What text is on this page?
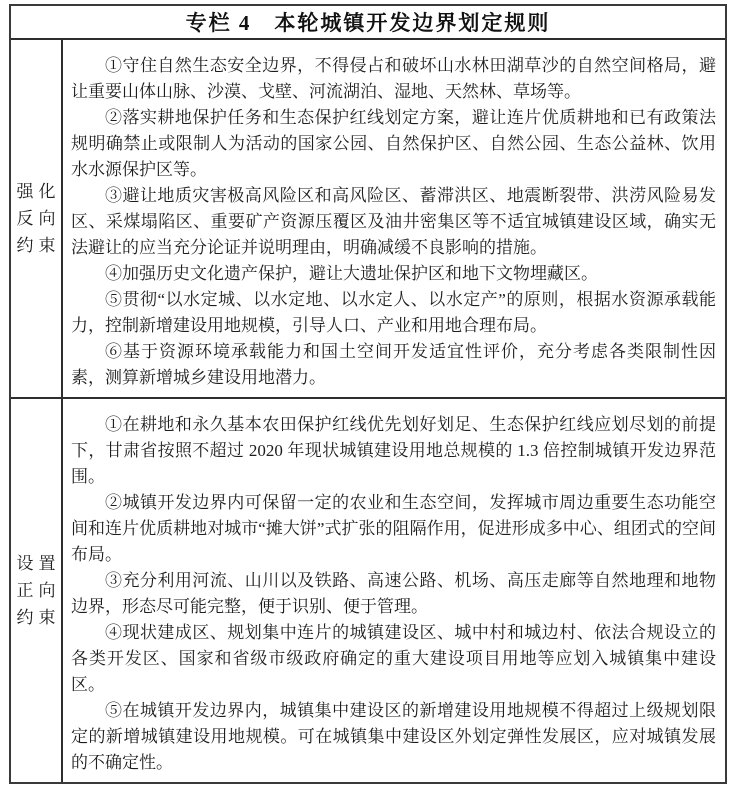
专栏 4　本轮城镇开发边界划定规则
强化
反向
约束

①守住自然生态安全边界，不得侵占和破坏山水林田湖草沙的自然空间格局，避让重要山体山脉、沙漠、戈壁、河流湖泊、湿地、天然林、草场等。

②落实耕地保护任务和生态保护红线划定方案，避让连片优质耕地和已有政策法规明确禁止或限制人为活动的国家公园、自然保护区、自然公园、生态公益林、饮用水水源保护区等。

③避让地质灾害极高风险区和高风险区、蓄滞洪区、地震断裂带、洪涝风险易发区、采煤塌陷区、重要矿产资源压覆区及油井密集区等不适宜城镇建设区域，确实无法避让的应当充分论证并说明理由，明确减缓不良影响的措施。

④加强历史文化遗产保护，避让大遗址保护区和地下文物埋藏区。

⑤贯彻“以水定城、以水定地、以水定人、以水定产”的原则，根据水资源承载能力，控制新增建设用地规模，引导人口、产业和用地合理布局。

⑥基于资源环境承载能力和国土空间开发适宜性评价，充分考虑各类限制性因素，测算新增城乡建设用地潜力。

设置
正向
约束

①在耕地和永久基本农田保护红线优先划好划足、生态保护红线应划尽划的前提下，甘肃省按照不超过 2020 年现状城镇建设用地总规模的 1.3 倍控制城镇开发边界范围。

②城镇开发边界内可保留一定的农业和生态空间，发挥城市周边重要生态功能空间和连片优质耕地对城市“摊大饼”式扩张的阻隔作用，促进形成多中心、组团式的空间布局。

③充分利用河流、山川以及铁路、高速公路、机场、高压走廊等自然地理和地物边界，形态尽可能完整，便于识别、便于管理。

④现状建成区、规划集中连片的城镇建设区、城中村和城边村、依法合规设立的各类开发区、国家和省级市级政府确定的重大建设项目用地等应划入城镇集中建设区。

⑤在城镇开发边界内，城镇集中建设区的新增建设用地规模不得超过上级规划限定的新增城镇建设用地规模。可在城镇集中建设区外划定弹性发展区，应对城镇发展的不确定性。
